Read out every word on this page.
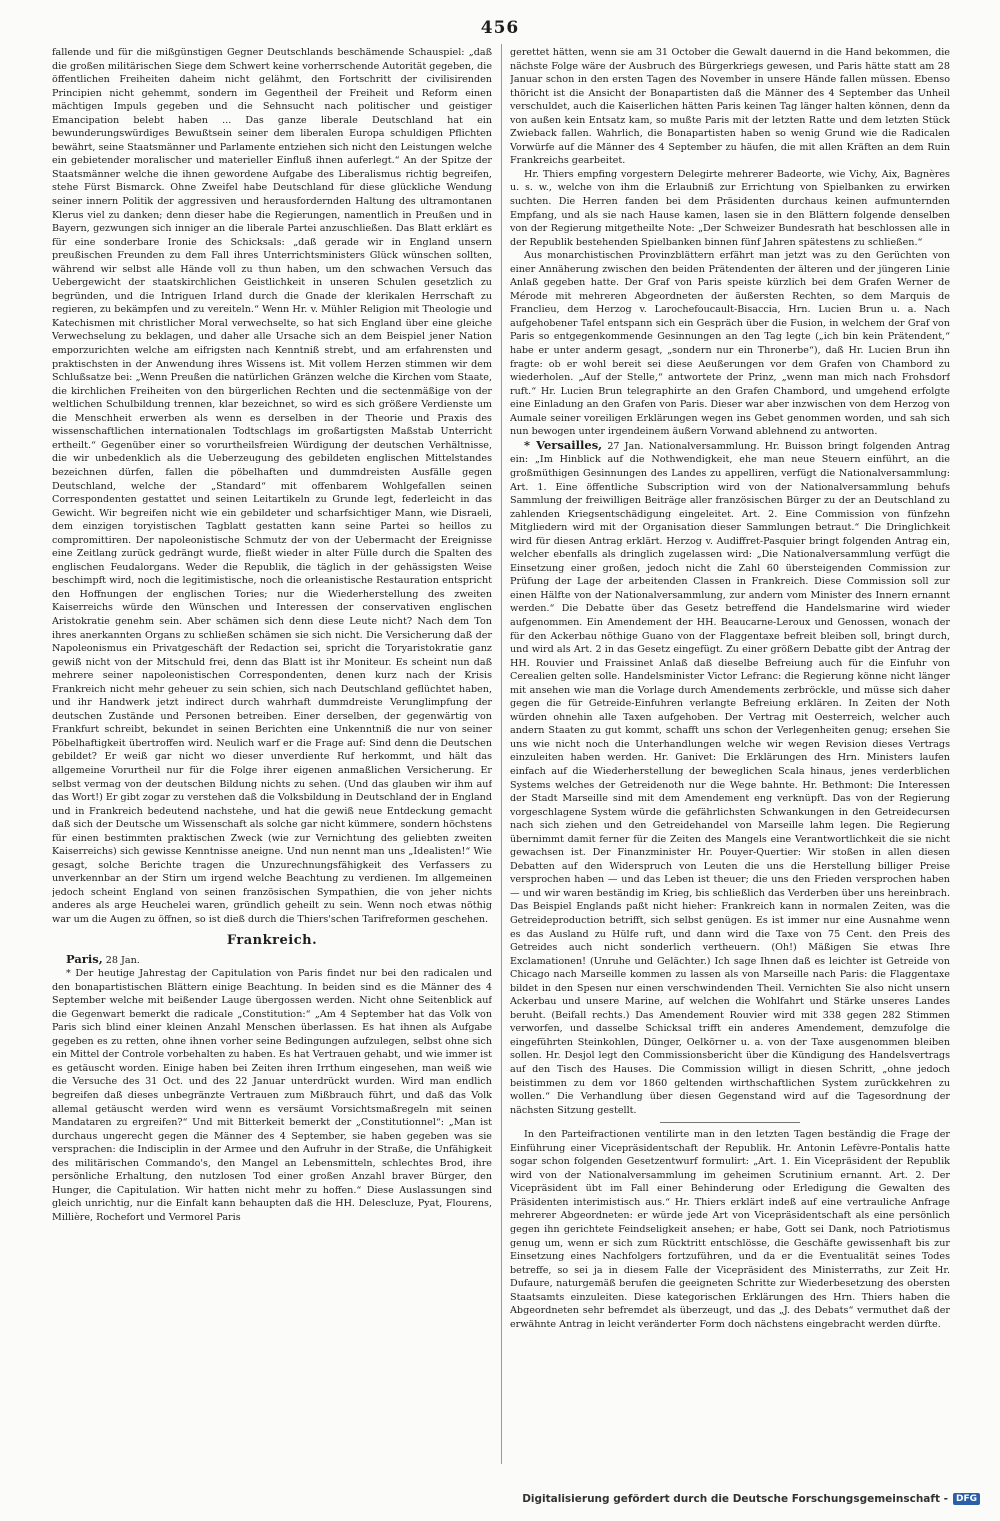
456

fallende und für die mißgünstigen Gegner Deutschlands beschämende Schauspiel: „daß die großen militärischen Siege dem Schwert keine vorherrschende Autorität gegeben, die öffentlichen Freiheiten daheim nicht gelähmt, den Fortschritt der civilisirenden Principien nicht gehemmt, sondern im Gegentheil der Freiheit und Reform einen mächtigen Impuls gegeben und die Sehnsucht nach politischer und geistiger Emancipation belebt haben ... Das ganze liberale Deutschland hat ein bewunderungswürdiges Bewußtsein seiner dem liberalen Europa schuldigen Pflichten bewährt, seine Staatsmänner und Parlamente entziehen sich nicht den Leistungen welche ein gebietender moralischer und materieller Einfluß ihnen auferlegt.“ An der Spitze der Staatsmänner welche die ihnen gewordene Aufgabe des Liberalismus richtig begreifen, stehe Fürst Bismarck. Ohne Zweifel habe Deutschland für diese glückliche Wendung seiner innern Politik der aggressiven und herausfordernden Haltung des ultramontanen Klerus viel zu danken; denn dieser habe die Regierungen, namentlich in Preußen und in Bayern, gezwungen sich inniger an die liberale Partei anzuschließen. Das Blatt erklärt es für eine sonderbare Ironie des Schicksals: „daß gerade wir in England unsern preußischen Freunden zu dem Fall ihres Unterrichtsministers Glück wünschen sollten, während wir selbst alle Hände voll zu thun haben, um den schwachen Versuch das Uebergewicht der staatskirchlichen Geistlichkeit in unseren Schulen gesetzlich zu begründen, und die Intriguen Irland durch die Gnade der klerikalen Herrschaft zu regieren, zu bekämpfen und zu vereiteln.“ Wenn Hr. v. Mühler Religion mit Theologie und Katechismen mit christlicher Moral verwechselte, so hat sich England über eine gleiche Verwechselung zu beklagen, und daher alle Ursache sich an dem Beispiel jener Nation emporzurichten welche am eifrigsten nach Kenntniß strebt, und am erfahrensten und praktischsten in der Anwendung ihres Wissens ist. Mit vollem Herzen stimmen wir dem Schlußsatze bei: „Wenn Preußen die natürlichen Gränzen welche die Kirchen vom Staate, die kirchlichen Freiheiten von den bürgerlichen Rechten und die sectenmäßige von der weltlichen Schulbildung trennen, klar bezeichnet, so wird es sich größere Verdienste um die Menschheit erwerben als wenn es derselben in der Theorie und Praxis des wissenschaftlichen internationalen Todtschlags im großartigsten Maßstab Unterricht ertheilt.“ Gegenüber einer so vorurtheilsfreien Würdigung der deutschen Verhältnisse, die wir unbedenklich als die Ueberzeugung des gebildeten englischen Mittelstandes bezeichnen dürfen, fallen die pöbelhaften und dummdreisten Ausfälle gegen Deutschland, welche der „Standard“ mit offenbarem Wohlgefallen seinen Correspondenten gestattet und seinen Leitartikeln zu Grunde legt, federleicht in das Gewicht. Wir begreifen nicht wie ein gebildeter und scharfsichtiger Mann, wie Disraeli, dem einzigen toryistischen Tagblatt gestatten kann seine Partei so heillos zu compromittiren. Der napoleonistische Schmutz der von der Uebermacht der Ereignisse eine Zeitlang zurück gedrängt wurde, fließt wieder in alter Fülle durch die Spalten des englischen Feudalorgans. Weder die Republik, die täglich in der gehässigsten Weise beschimpft wird, noch die legitimistische, noch die orleanistische Restauration entspricht den Hoffnungen der englischen Tories; nur die Wiederherstellung des zweiten Kaiserreichs würde den Wünschen und Interessen der conservativen englischen Aristokratie genehm sein. Aber schämen sich denn diese Leute nicht? Nach dem Ton ihres anerkannten Organs zu schließen schämen sie sich nicht. Die Versicherung daß der Napoleonismus ein Privatgeschäft der Redaction sei, spricht die Toryaristokratie ganz gewiß nicht von der Mitschuld frei, denn das Blatt ist ihr Moniteur. Es scheint nun daß mehrere seiner napoleonistischen Correspondenten, denen kurz nach der Krisis Frankreich nicht mehr geheuer zu sein schien, sich nach Deutschland geflüchtet haben, und ihr Handwerk jetzt indirect durch wahrhaft dummdreiste Verunglimpfung der deutschen Zustände und Personen betreiben. Einer derselben, der gegenwärtig von Frankfurt schreibt, bekundet in seinen Berichten eine Unkenntniß die nur von seiner Pöbelhaftigkeit übertroffen wird. Neulich warf er die Frage auf: Sind denn die Deutschen gebildet? Er weiß gar nicht wo dieser unverdiente Ruf herkommt, und hält das allgemeine Vorurtheil nur für die Folge ihrer eigenen anmaßlichen Versicherung. Er selbst vermag von der deutschen Bildung nichts zu sehen. (Und das glauben wir ihm auf das Wort!) Er gibt zogar zu verstehen daß die Volksbildung in Deutschland der in England und in Frankreich bedeutend nachstehe, und hat die gewiß neue Entdeckung gemacht daß sich der Deutsche um Wissenschaft als solche gar nicht kümmere, sondern höchstens für einen bestimmten praktischen Zweck (wie zur Vernichtung des geliebten zweiten Kaiserreichs) sich gewisse Kenntnisse aneigne. Und nun nennt man uns „Idealisten!“ Wie gesagt, solche Berichte tragen die Unzurechnungsfähigkeit des Verfassers zu unverkennbar an der Stirn um irgend welche Beachtung zu verdienen. Im allgemeinen jedoch scheint England von seinen französischen Sympathien, die von jeher nichts anderes als arge Heuchelei waren, gründlich geheilt zu sein. Wenn noch etwas nöthig war um die Augen zu öffnen, so ist dieß durch die Thiers'schen Tarifreformen geschehen.

Frankreich.

Paris, 28 Jan.

* Der heutige Jahrestag der Capitulation von Paris findet nur bei den radicalen und den bonapartistischen Blättern einige Beachtung. In beiden sind es die Männer des 4 September welche mit beißender Lauge übergossen werden. Nicht ohne Seitenblick auf die Gegenwart bemerkt die radicale „Constitution:“ „Am 4 September hat das Volk von Paris sich blind einer kleinen Anzahl Menschen überlassen. Es hat ihnen als Aufgabe gegeben es zu retten, ohne ihnen vorher seine Bedingungen aufzulegen, selbst ohne sich ein Mittel der Controle vorbehalten zu haben. Es hat Vertrauen gehabt, und wie immer ist es getäuscht worden. Einige haben bei Zeiten ihren Irrthum eingesehen, man weiß wie die Versuche des 31 Oct. und des 22 Januar unterdrückt wurden. Wird man endlich begreifen daß dieses unbegränzte Vertrauen zum Mißbrauch führt, und daß das Volk allemal getäuscht werden wird wenn es versäumt Vorsichtsmaßregeln mit seinen Mandataren zu ergreifen?“ Und mit Bitterkeit bemerkt der „Constitutionnel“: „Man ist durchaus ungerecht gegen die Männer des 4 September, sie haben gegeben was sie versprachen: die Indisciplin in der Armee und den Aufruhr in der Straße, die Unfähigkeit des militärischen Commando's, den Mangel an Lebensmitteln, schlechtes Brod, ihre persönliche Erhaltung, den nutzlosen Tod einer großen Anzahl braver Bürger, den Hunger, die Capitulation. Wir hatten nicht mehr zu hoffen.“ Diese Auslassungen sind gleich unrichtig, nur die Einfalt kann behaupten daß die HH. Delescluze, Pyat, Flourens, Millière, Rochefort und Vermorel Paris

gerettet hätten, wenn sie am 31 October die Gewalt dauernd in die Hand bekommen, die nächste Folge wäre der Ausbruch des Bürgerkriegs gewesen, und Paris hätte statt am 28 Januar schon in den ersten Tagen des November in unsere Hände fallen müssen. Ebenso thöricht ist die Ansicht der Bonapartisten daß die Männer des 4 September das Unheil verschuldet, auch die Kaiserlichen hätten Paris keinen Tag länger halten können, denn da von außen kein Entsatz kam, so mußte Paris mit der letzten Ratte und dem letzten Stück Zwieback fallen. Wahrlich, die Bonapartisten haben so wenig Grund wie die Radicalen Vorwürfe auf die Männer des 4 September zu häufen, die mit allen Kräften an dem Ruin Frankreichs gearbeitet.

Hr. Thiers empfing vorgestern Delegirte mehrerer Badeorte, wie Vichy, Aix, Bagnères u. s. w., welche von ihm die Erlaubniß zur Errichtung von Spielbanken zu erwirken suchten. Die Herren fanden bei dem Präsidenten durchaus keinen aufmunternden Empfang, und als sie nach Hause kamen, lasen sie in den Blättern folgende denselben von der Regierung mitgetheilte Note: „Der Schweizer Bundesrath hat beschlossen alle in der Republik bestehenden Spielbanken binnen fünf Jahren spätestens zu schließen.“

Aus monarchistischen Provinzblättern erfährt man jetzt was zu den Gerüchten von einer Annäherung zwischen den beiden Prätendenten der älteren und der jüngeren Linie Anlaß gegeben hatte. Der Graf von Paris speiste kürzlich bei dem Grafen Werner de Mérode mit mehreren Abgeordneten der äußersten Rechten, so dem Marquis de Franclieu, dem Herzog v. Larochefoucault-Bisaccia, Hrn. Lucien Brun u. a. Nach aufgehobener Tafel entspann sich ein Gespräch über die Fusion, in welchem der Graf von Paris so entgegenkommende Gesinnungen an den Tag legte („ich bin kein Prätendent,“ habe er unter anderm gesagt, „sondern nur ein Thronerbe“), daß Hr. Lucien Brun ihn fragte: ob er wohl bereit sei diese Aeußerungen vor dem Grafen von Chambord zu wiederholen. „Auf der Stelle,“ antwortete der Prinz, „wenn man mich nach Frohsdorf ruft.“ Hr. Lucien Brun telegraphirte an den Grafen Chambord, und umgehend erfolgte eine Einladung an den Grafen von Paris. Dieser war aber inzwischen von dem Herzog von Aumale seiner voreiligen Erklärungen wegen ins Gebet genommen worden, und sah sich nun bewogen unter irgendeinem äußern Vorwand ablehnend zu antworten.

* Versailles, 27 Jan. Nationalversammlung. Hr. Buisson bringt folgenden Antrag ein: „Im Hinblick auf die Nothwendigkeit, ehe man neue Steuern einführt, an die großmüthigen Gesinnungen des Landes zu appelliren, verfügt die Nationalversammlung: Art. 1. Eine öffentliche Subscription wird von der Nationalversammlung behufs Sammlung der freiwilligen Beiträge aller französischen Bürger zu der an Deutschland zu zahlenden Kriegsentschädigung eingeleitet. Art. 2. Eine Commission von fünfzehn Mitgliedern wird mit der Organisation dieser Sammlungen betraut.“ Die Dringlichkeit wird für diesen Antrag erklärt. Herzog v. Audiffret-Pasquier bringt folgenden Antrag ein, welcher ebenfalls als dringlich zugelassen wird: „Die Nationalversammlung verfügt die Einsetzung einer großen, jedoch nicht die Zahl 60 übersteigenden Commission zur Prüfung der Lage der arbeitenden Classen in Frankreich. Diese Commission soll zur einen Hälfte von der Nationalversammlung, zur andern vom Minister des Innern ernannt werden.“ Die Debatte über das Gesetz betreffend die Handelsmarine wird wieder aufgenommen. Ein Amendement der HH. Beaucarne-Leroux und Genossen, wonach der für den Ackerbau nöthige Guano von der Flaggentaxe befreit bleiben soll, bringt durch, und wird als Art. 2 in das Gesetz eingefügt. Zu einer größern Debatte gibt der Antrag der HH. Rouvier und Fraissinet Anlaß daß dieselbe Befreiung auch für die Einfuhr von Cerealien gelten solle. Handelsminister Victor Lefranc: die Regierung könne nicht länger mit ansehen wie man die Vorlage durch Amendements zerbröckle, und müsse sich daher gegen die für Getreide-Einfuhren verlangte Befreiung erklären. In Zeiten der Noth würden ohnehin alle Taxen aufgehoben. Der Vertrag mit Oesterreich, welcher auch andern Staaten zu gut kommt, schafft uns schon der Verlegenheiten genug; ersehen Sie uns wie nicht noch die Unterhandlungen welche wir wegen Revision dieses Vertrags einzuleiten haben werden. Hr. Ganivet: Die Erklärungen des Hrn. Ministers laufen einfach auf die Wiederherstellung der beweglichen Scala hinaus, jenes verderblichen Systems welches der Getreidenoth nur die Wege bahnte. Hr. Bethmont: Die Interessen der Stadt Marseille sind mit dem Amendement eng verknüpft. Das von der Regierung vorgeschlagene System würde die gefährlichsten Schwankungen in den Getreidecursen nach sich ziehen und den Getreidehandel von Marseille lahm legen. Die Regierung übernimmt damit ferner für die Zeiten des Mangels eine Verantwortlichkeit die sie nicht gewachsen ist. Der Finanzminister Hr. Pouyer-Quertier: Wir stoßen in allen diesen Debatten auf den Widerspruch von Leuten die uns die Herstellung billiger Preise versprochen haben — und das Leben ist theuer; die uns den Frieden versprochen haben — und wir waren beständig im Krieg, bis schließlich das Verderben über uns hereinbrach. Das Beispiel Englands paßt nicht hieher: Frankreich kann in normalen Zeiten, was die Getreideproduction betrifft, sich selbst genügen. Es ist immer nur eine Ausnahme wenn es das Ausland zu Hülfe ruft, und dann wird die Taxe von 75 Cent. den Preis des Getreides auch nicht sonderlich vertheuern. (Oh!) Mäßigen Sie etwas Ihre Exclamationen! (Unruhe und Gelächter.) Ich sage Ihnen daß es leichter ist Getreide von Chicago nach Marseille kommen zu lassen als von Marseille nach Paris: die Flaggentaxe bildet in den Spesen nur einen verschwindenden Theil. Vernichten Sie also nicht unsern Ackerbau und unsere Marine, auf welchen die Wohlfahrt und Stärke unseres Landes beruht. (Beifall rechts.) Das Amendement Rouvier wird mit 338 gegen 282 Stimmen verworfen, und dasselbe Schicksal trifft ein anderes Amendement, demzufolge die eingeführten Steinkohlen, Dünger, Oelkörner u. a. von der Taxe ausgenommen bleiben sollen. Hr. Desjol legt den Commissionsbericht über die Kündigung des Handelsvertrags auf den Tisch des Hauses. Die Commission willigt in diesen Schritt, „ohne jedoch beistimmen zu dem vor 1860 geltenden wirthschaftlichen System zurückkehren zu wollen.“ Die Verhandlung über diesen Gegenstand wird auf die Tagesordnung der nächsten Sitzung gestellt.

In den Parteifractionen ventilirte man in den letzten Tagen beständig die Frage der Einführung einer Vicepräsidentschaft der Republik. Hr. Antonin Lefèvre-Pontalis hatte sogar schon folgenden Gesetzentwurf formulirt: „Art. 1. Ein Vicepräsident der Republik wird von der Nationalversammlung im geheimen Scrutinium ernannt. Art. 2. Der Vicepräsident übt im Fall einer Behinderung oder Erledigung die Gewalten des Präsidenten interimistisch aus.“ Hr. Thiers erklärt indeß auf eine vertrauliche Anfrage mehrerer Abgeordneten: er würde jede Art von Vicepräsidentschaft als eine persönlich gegen ihn gerichtete Feindseligkeit ansehen; er habe, Gott sei Dank, noch Patriotismus genug um, wenn er sich zum Rücktritt entschlösse, die Geschäfte gewissenhaft bis zur Einsetzung eines Nachfolgers fortzuführen, und da er die Eventualität seines Todes betreffe, so sei ja in diesem Falle der Vicepräsident des Ministerraths, zur Zeit Hr. Dufaure, naturgemäß berufen die geeigneten Schritte zur Wiederbesetzung des obersten Staatsamts einzuleiten. Diese kategorischen Erklärungen des Hrn. Thiers haben die Abgeordneten sehr befremdet als überzeugt, und das „J. des Debats“ vermuthet daß der erwähnte Antrag in leicht veränderter Form doch nächstens eingebracht werden dürfte.

Digitalisierung gefördert durch die Deutsche Forschungsgemeinschaft - DFG
